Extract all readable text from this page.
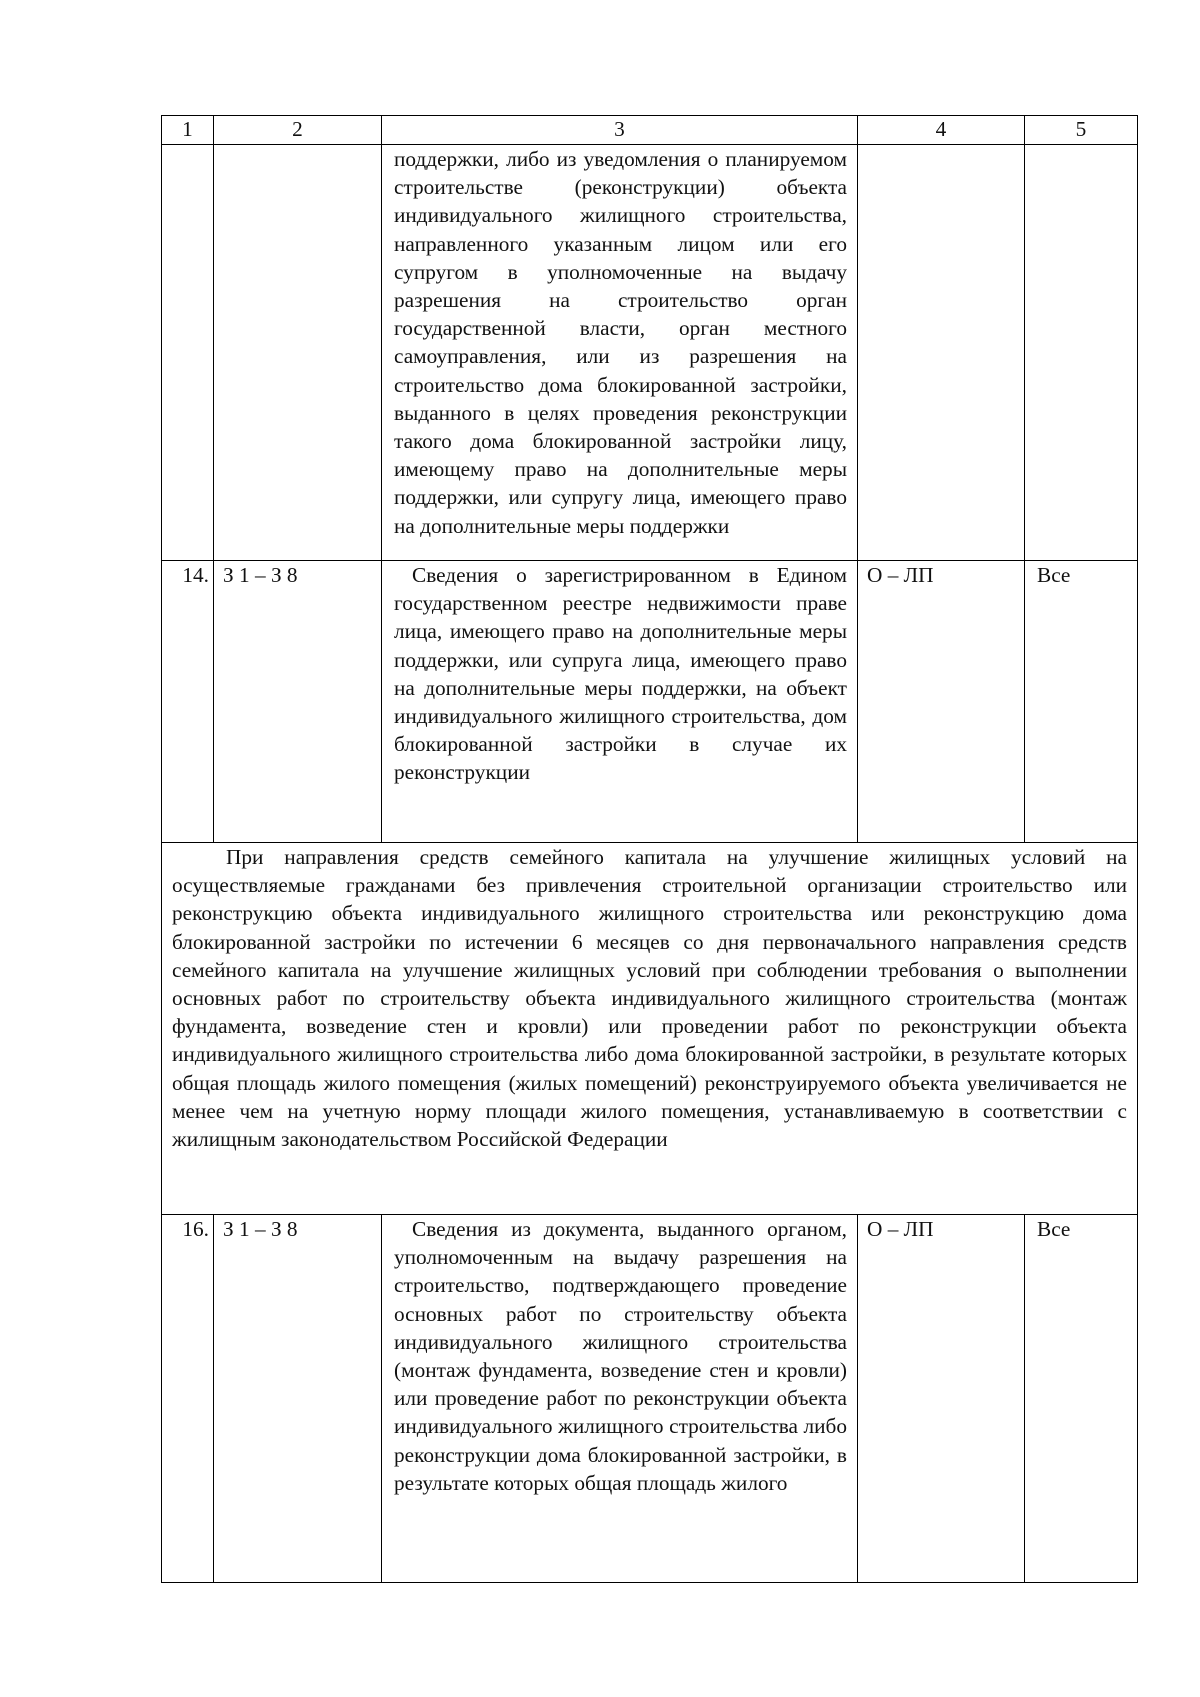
1	2	3	4	5

		поддержки, либо из уведомления о планируемом строительстве (реконструкции) объекта индивидуального жилищного строительства, направленного указанным лицом или его супругом в уполномоченные на выдачу разрешения на строительство орган государственной власти, орган местного самоуправления, или из разрешения на строительство дома блокированной застройки, выданного в целях проведения реконструкции такого дома блокированной застройки лицу, имеющему право на дополнительные меры поддержки, или супругу лица, имеющего право на дополнительные меры поддержки		

14.	З 1 – З 8	Сведения о зарегистрированном в Едином государственном реестре недвижимости праве лица, имеющего право на дополнительные меры поддержки, или супруга лица, имеющего право на дополнительные меры поддержки, на объект индивидуального жилищного строительства, дом блокированной застройки в случае их реконструкции	О – ЛП	Все

При направления средств семейного капитала на улучшение жилищных условий на осуществляемые гражданами без привлечения строительной организации строительство или реконструкцию объекта индивидуального жилищного строительства или реконструкцию дома блокированной застройки по истечении 6 месяцев со дня первоначального направления средств семейного капитала на улучшение жилищных условий при соблюдении требования о выполнении основных работ по строительству объекта индивидуального жилищного строительства (монтаж фундамента, возведение стен и кровли) или проведении работ по реконструкции объекта индивидуального жилищного строительства либо дома блокированной застройки, в результате которых общая площадь жилого помещения (жилых помещений) реконструируемого объекта увеличивается не менее чем на учетную норму площади жилого помещения, устанавливаемую в соответствии с жилищным законодательством Российской Федерации				

16.	З 1 – З 8	Сведения из документа, выданного органом, уполномоченным на выдачу разрешения на строительство, подтверждающего проведение основных работ по строительству объекта индивидуального жилищного строительства (монтаж фундамента, возведение стен и кровли) или проведение работ по реконструкции объекта индивидуального жилищного строительства либо реконструкции дома блокированной застройки, в результате которых общая площадь жилого	О – ЛП	Все
